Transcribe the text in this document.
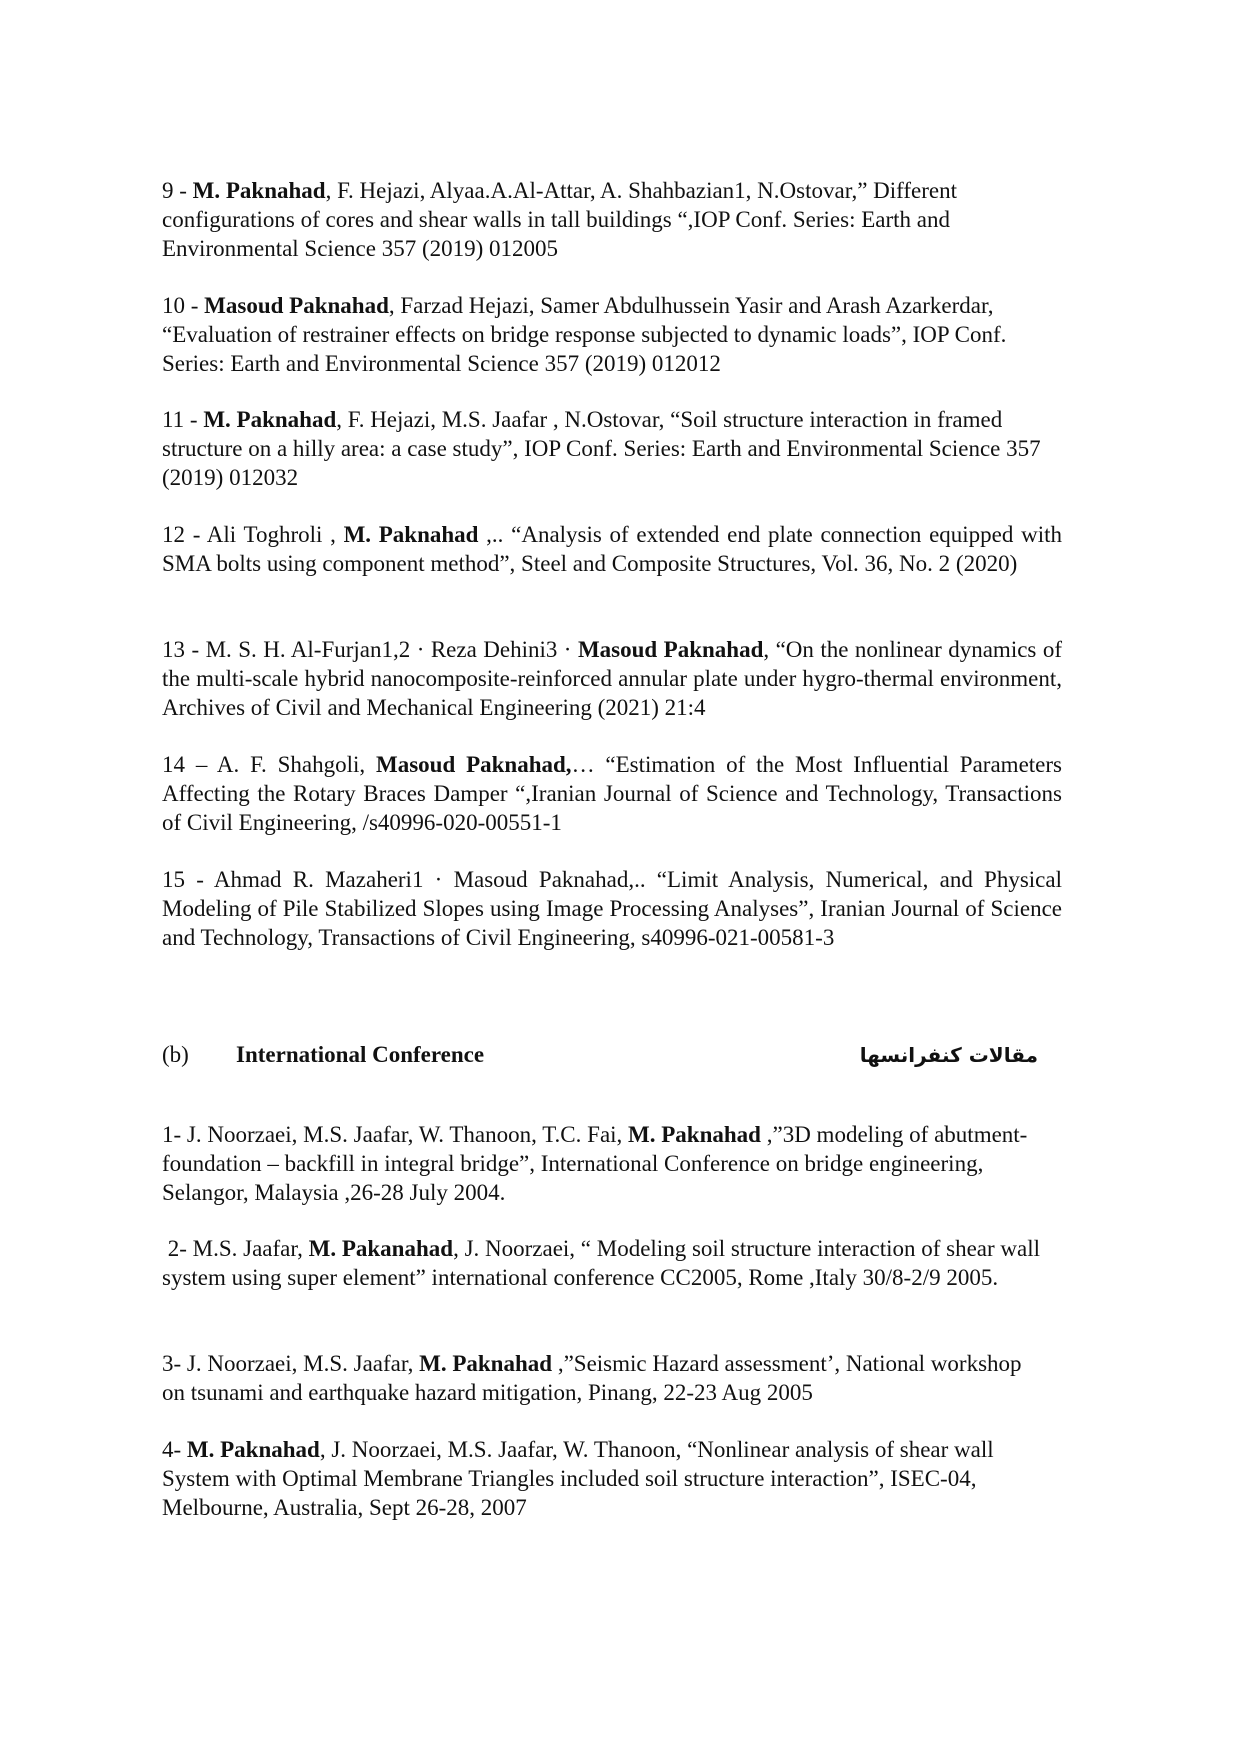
9 - M. Paknahad, F. Hejazi, Alyaa.A.Al-Attar, A. Shahbazian1, N.Ostovar,” Different configurations of cores and shear walls in tall buildings “,IOP Conf. Series: Earth and Environmental Science 357 (2019) 012005

10 - Masoud Paknahad, Farzad Hejazi, Samer Abdulhussein Yasir and Arash Azarkerdar, “Evaluation of restrainer effects on bridge response subjected to dynamic loads”, IOP Conf. Series: Earth and Environmental Science 357 (2019) 012012

11 - M. Paknahad, F. Hejazi, M.S. Jaafar , N.Ostovar, “Soil structure interaction in framed structure on a hilly area: a case study”, IOP Conf. Series: Earth and Environmental Science 357 (2019) 012032

12 - Ali Toghroli , M. Paknahad ,.. “Analysis of extended end plate connection equipped with SMA bolts using component method”, Steel and Composite Structures, Vol. 36, No. 2 (2020)

13 - M. S. H. Al-Furjan1,2 · Reza Dehini3 · Masoud Paknahad, “On the nonlinear dynamics of the multi-scale hybrid nanocomposite-reinforced annular plate under hygro-thermal environment, Archives of Civil and Mechanical Engineering (2021) 21:4

14 – A. F. Shahgoli, Masoud Paknahad,… “Estimation of the Most Influential Parameters Affecting the Rotary Braces Damper “,Iranian Journal of Science and Technology, Transactions of Civil Engineering, /s40996-020-00551-1

15 - Ahmad R. Mazaheri1 · Masoud Paknahad,.. “Limit Analysis, Numerical, and Physical Modeling of Pile Stabilized Slopes using Image Processing Analyses”, Iranian Journal of Science and Technology, Transactions of Civil Engineering, s40996-021-00581-3

(b) International Conference	مقالات كنفرانسها

1- J. Noorzaei, M.S. Jaafar, W. Thanoon, T.C. Fai, M. Paknahad ,”3D modeling of abutment- foundation – backfill in integral bridge”, International Conference on bridge engineering, Selangor, Malaysia ,26-28 July 2004.

2- M.S. Jaafar, M. Pakanahad, J. Noorzaei, “ Modeling soil structure interaction of shear wall system using super element” international conference CC2005, Rome ,Italy 30/8-2/9 2005.

3- J. Noorzaei, M.S. Jaafar, M. Paknahad ,”Seismic Hazard assessment’, National workshop on tsunami and earthquake hazard mitigation, Pinang, 22-23 Aug 2005

4- M. Paknahad, J. Noorzaei, M.S. Jaafar, W. Thanoon, “Nonlinear analysis of shear wall System with Optimal Membrane Triangles included soil structure interaction”, ISEC-04, Melbourne, Australia, Sept 26-28, 2007
